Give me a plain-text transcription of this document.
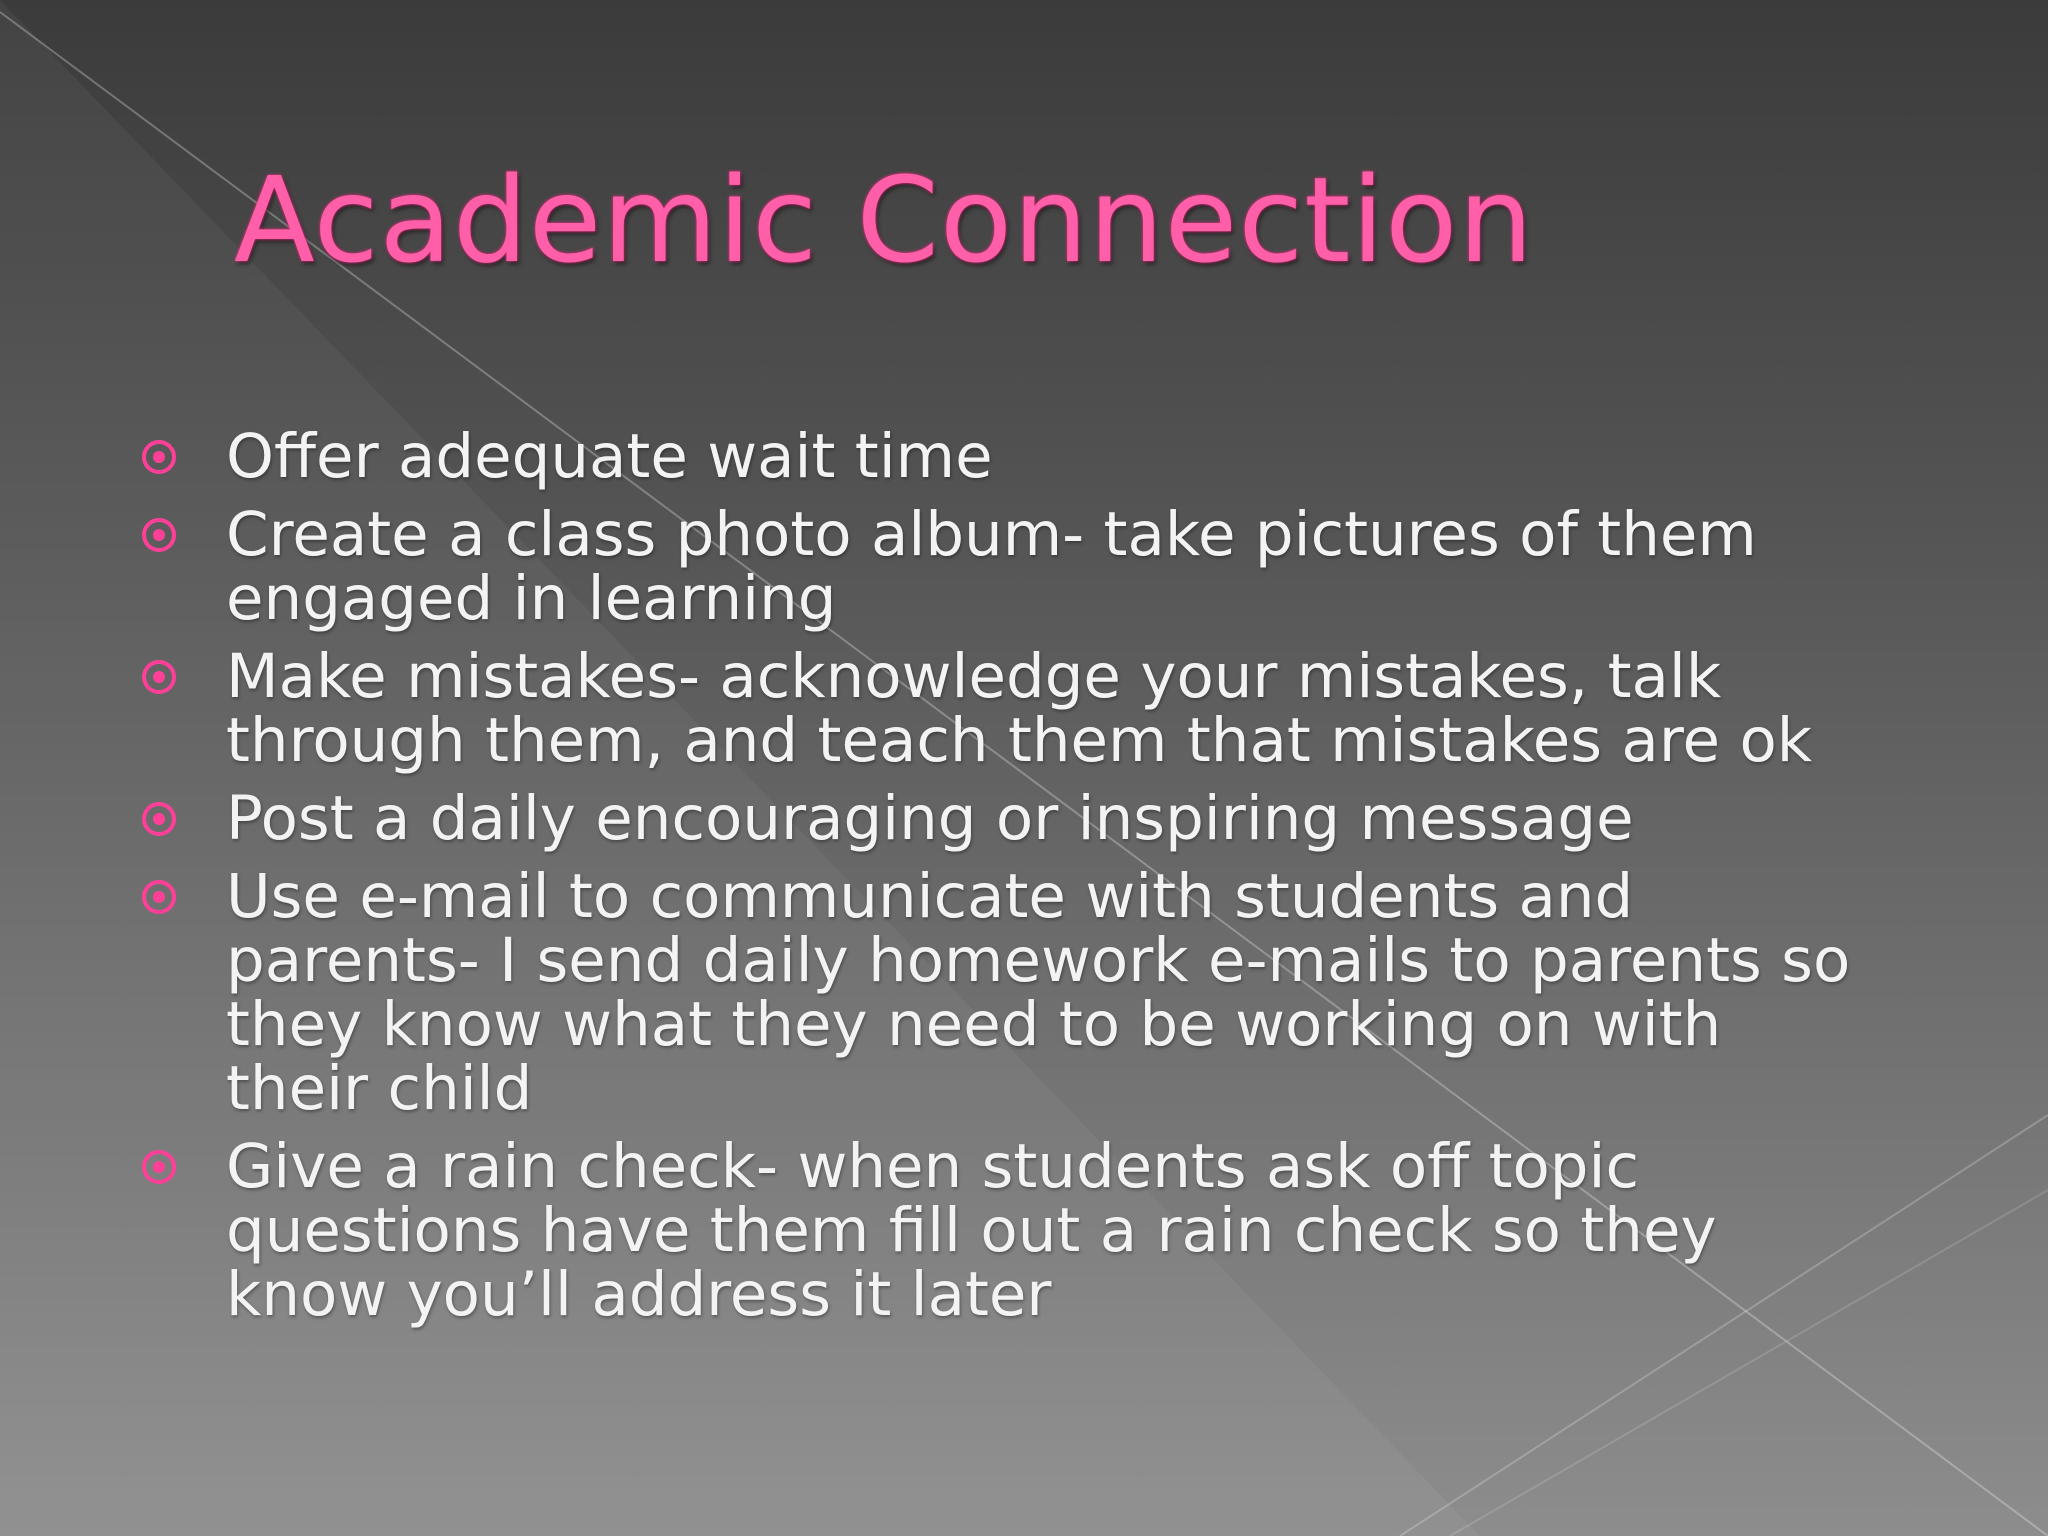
Academic Connection
Offer adequate wait time
Create a class photo album- take pictures of them
engaged in learning
Make mistakes- acknowledge your mistakes, talk
through them, and teach them that mistakes are ok
Post a daily encouraging or inspiring message
Use e-mail to communicate with students and
parents- I send daily homework e-mails to parents so
they know what they need to be working on with
their child
Give a rain check- when students ask off topic
questions have them fill out a rain check so they
know you’ll address it later
